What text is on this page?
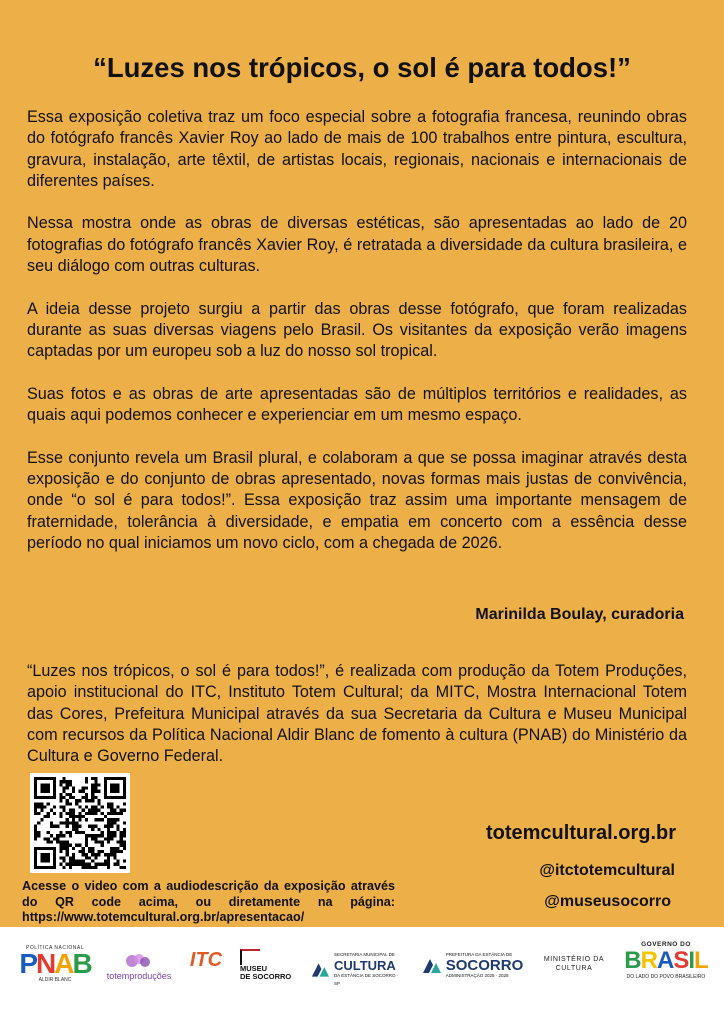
“Luzes nos trópicos, o sol é para todos!”

Essa exposição coletiva traz um foco especial sobre a fotografia francesa, reunindo obras do fotógrafo francês Xavier Roy ao lado de mais de 100 trabalhos entre pintura, escultura, gravura, instalação, arte têxtil, de artistas locais, regionais, nacionais e internacionais de diferentes países.

Nessa mostra onde as obras de diversas estéticas, são apresentadas ao lado de 20 fotografias do fotógrafo francês Xavier Roy, é retratada a diversidade da cultura brasileira, e seu diálogo com outras culturas.

A ideia desse projeto surgiu a partir das obras desse fotógrafo, que foram realizadas durante as suas diversas viagens pelo Brasil. Os visitantes da exposição verão imagens captadas por um europeu sob a luz do nosso sol tropical.

Suas fotos e as obras de arte apresentadas são de múltiplos territórios e realidades, as quais aqui podemos conhecer e experienciar em um mesmo espaço.

Esse conjunto revela um Brasil plural, e colaboram a que se possa imaginar através desta exposição e do conjunto de obras apresentado, novas formas mais justas de convivência, onde “o sol é para todos!”. Essa exposição traz assim uma importante mensagem de fraternidade, tolerância à diversidade, e empatia em concerto com a essência desse período no qual iniciamos um novo ciclo, com a chegada de 2026.

Marinilda Boulay, curadoria
“Luzes nos trópicos, o sol é para todos!”, é realizada com produção da Totem Produções, apoio institucional do ITC, Instituto Totem Cultural; da MITC, Mostra Internacional Totem das Cores, Prefeitura Municipal através da sua Secretaria da Cultura e Museu Municipal com recursos da Política Nacional Aldir Blanc de fomento à cultura (PNAB) do Ministério da Cultura e Governo Federal.
Acesse o video com a audiodescrição da exposição através do QR code acima, ou diretamente na página: https://www.totemcultural.org.br/apresentacao/
totemcultural.org.br
@itctotemcultural
@museusocorro
POLÍTICA NACIONAL
PNAB
ALDIR BLANC	totemproduções
ITC MUSEU
DE SOCORRO
SECRETARIA MUNICIPAL DE
CULTURA
DA ESTÂNCIA DE SOCORRO · SP
PREFEITURA DA ESTÂNCIA DE
SOCORRO
ADMINISTRAÇÃO 2025 · 2028
MINISTÉRIO DA
CULTURA
GOVERNO DO
BRASIL
DO LADO DO POVO BRASILEIRO
